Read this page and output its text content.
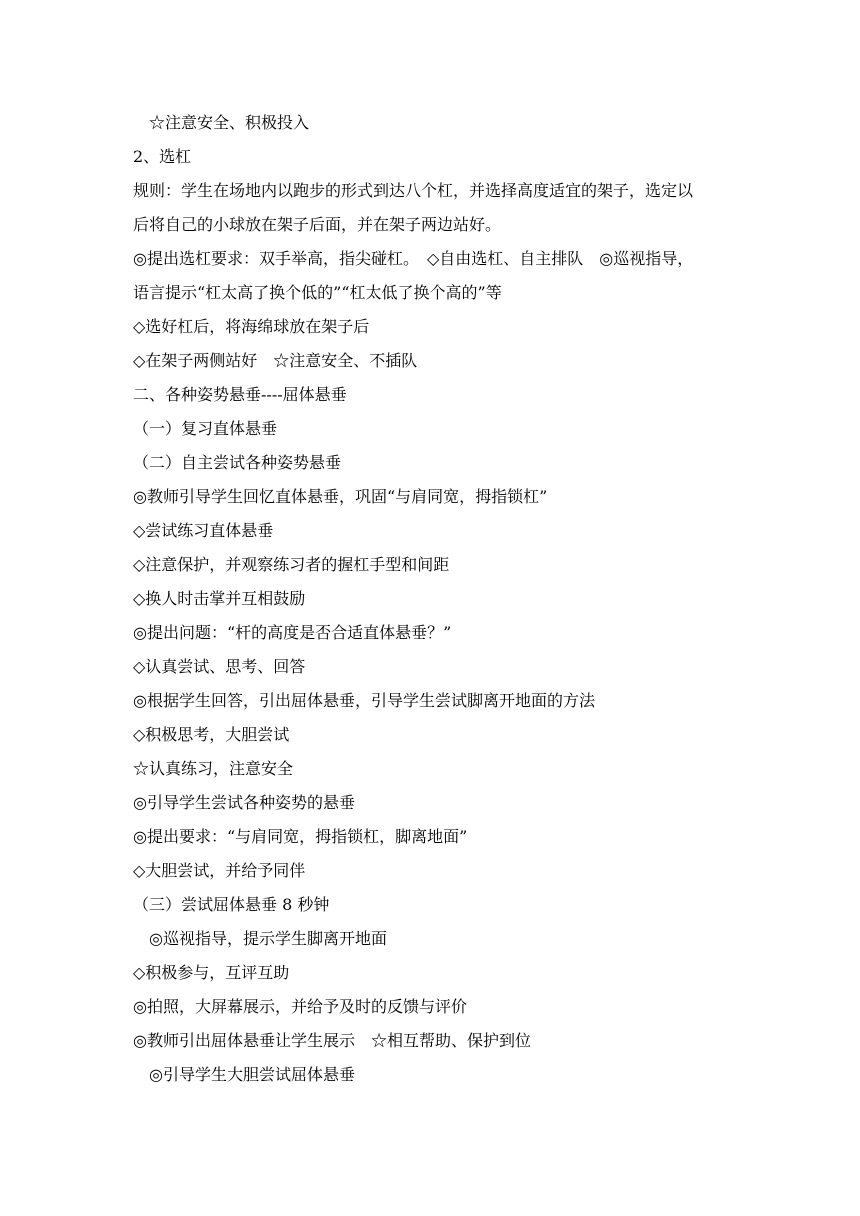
☆注意安全、积极投入
2、选杠
规则：学生在场地内以跑步的形式到达八个杠，并选择高度适宜的架子，选定以
后将自己的小球放在架子后面，并在架子两边站好。
◎提出选杠要求：双手举高，指尖碰杠。　◇自由选杠、自主排队　◎巡视指导，
语言提示“杠太高了换个低的”“杠太低了换个高的”等
◇选好杠后，将海绵球放在架子后
◇在架子两侧站好　☆注意安全、不插队
二、各种姿势悬垂----屈体悬垂
（一）复习直体悬垂
（二）自主尝试各种姿势悬垂
◎教师引导学生回忆直体悬垂，巩固“与肩同宽，拇指锁杠”
◇尝试练习直体悬垂
◇注意保护，并观察练习者的握杠手型和间距
◇换人时击掌并互相鼓励
◎提出问题：“杆的高度是否合适直体悬垂？”
◇认真尝试、思考、回答
◎根据学生回答，引出屈体悬垂，引导学生尝试脚离开地面的方法
◇积极思考，大胆尝试
☆认真练习，注意安全
◎引导学生尝试各种姿势的悬垂
◎提出要求：“与肩同宽，拇指锁杠，脚离地面”
◇大胆尝试，并给予同伴
（三）尝试屈体悬垂 8 秒钟
◎巡视指导，提示学生脚离开地面
◇积极参与，互评互助
◎拍照，大屏幕展示，并给予及时的反馈与评价
◎教师引出屈体悬垂让学生展示　☆相互帮助、保护到位
◎引导学生大胆尝试屈体悬垂
